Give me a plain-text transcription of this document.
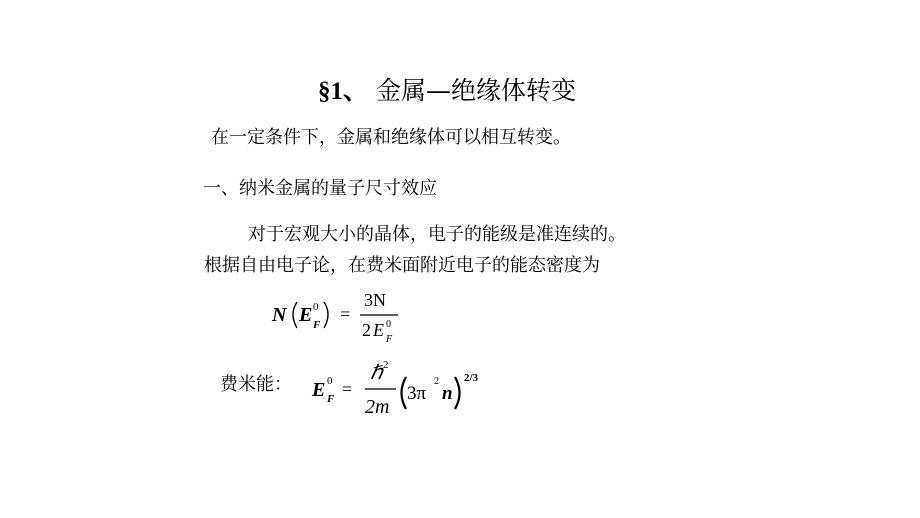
§1、 金属—绝缘体转变
在一定条件下，金属和绝缘体可以相互转变。
一、纳米金属的量子尺寸效应
对于宏观大小的晶体，电子的能级是准连续的。
根据自由电子论，在费米面附近电子的能态密度为
N E 0
F
=
3N
2 E 0
F
费米能： E 0
F =
ℏ 2
2m
3π
2
n
2/3
